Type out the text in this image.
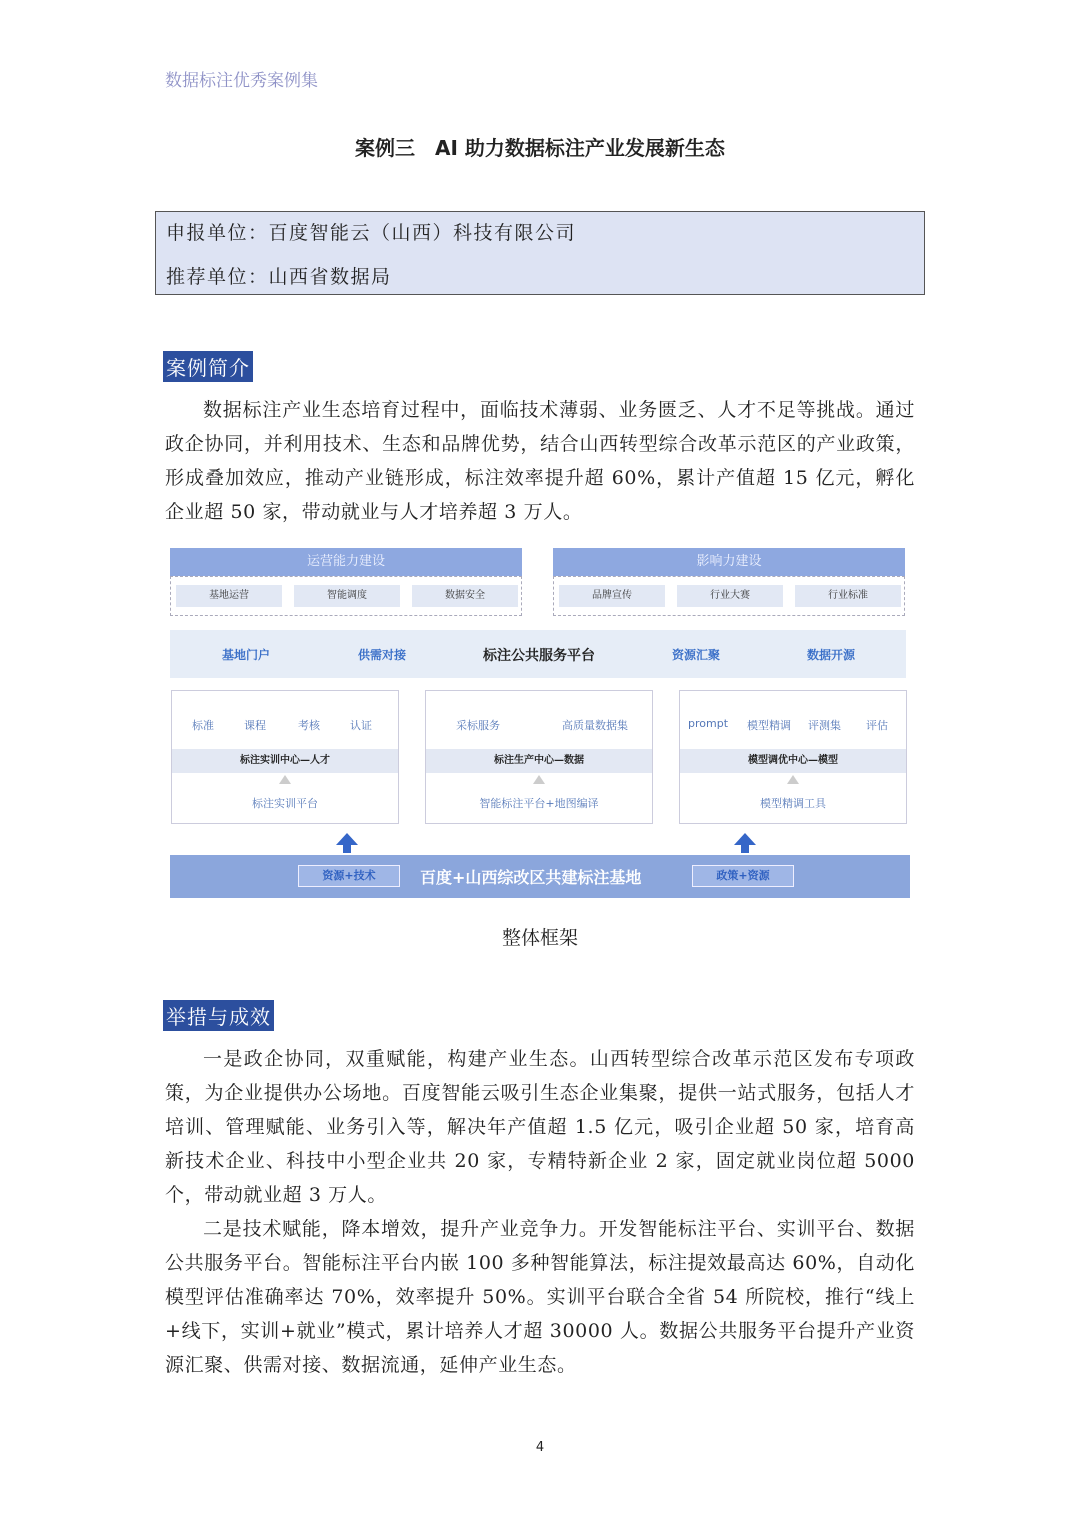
数据标注优秀案例集
案例三　AI 助力数据标注产业发展新生态
申报单位：百度智能云（山西）科技有限公司
推荐单位：山西省数据局
案例简介

数据标注产业生态培育过程中，面临技术薄弱、业务匮乏、人才不足等挑战。通过政企协同，并利用技术、生态和品牌优势，结合山西转型综合改革示范区的产业政策，形成叠加效应，推动产业链形成，标注效率提升超 60%，累计产值超 15 亿元，孵化企业超 50 家，带动就业与人才培养超 3 万人。

运营能力建设
基地运营	智能调度	数据安全
影响力建设
品牌宣传	行业大赛	行业标准
基地门户	供需对接	标注公共服务平台	资源汇聚	数据开源
标准	课程	考核	认证
标注实训中心—人才
标注实训平台
采标服务	高质量数据集
标注生产中心—数据
智能标注平台+地图编译
prompt 模型精调 评测集 评估
模型调优中心—模型
模型精调工具
资源+技术	百度+山西综改区共建标注基地	政策+资源
整体框架
举措与成效

一是政企协同，双重赋能，构建产业生态。山西转型综合改革示范区发布专项政策，为企业提供办公场地。百度智能云吸引生态企业集聚，提供一站式服务，包括人才培训、管理赋能、业务引入等，解决年产值超 1.5 亿元，吸引企业超 50 家，培育高新技术企业、科技中小型企业共 20 家，专精特新企业 2 家，固定就业岗位超 5000 个，带动就业超 3 万人。

二是技术赋能，降本增效，提升产业竞争力。开发智能标注平台、实训平台、数据公共服务平台。智能标注平台内嵌 100 多种智能算法，标注提效最高达 60%，自动化模型评估准确率达 70%，效率提升 50%。实训平台联合全省 54 所院校，推行“线上+线下，实训+就业”模式，累计培养人才超 30000 人。数据公共服务平台提升产业资源汇聚、供需对接、数据流通，延伸产业生态。

4
